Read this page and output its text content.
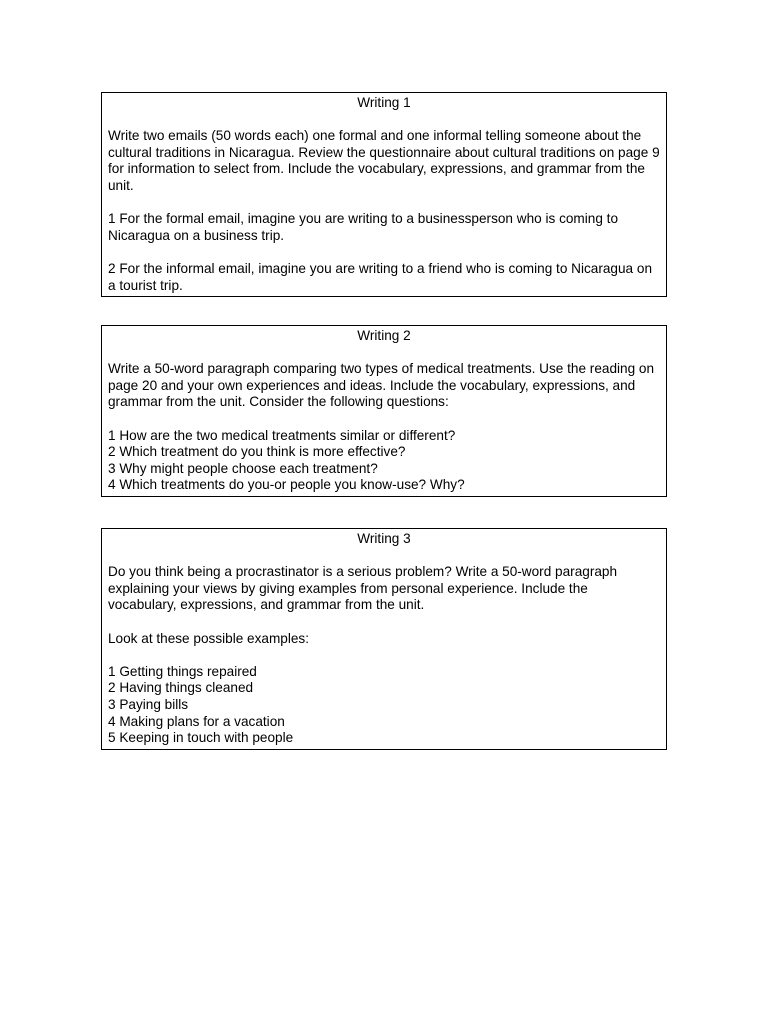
Writing 1

Write two emails (50 words each) one formal and one informal telling someone about the cultural traditions in Nicaragua. Review the questionnaire about cultural traditions on page 9 for information to select from. Include the vocabulary, expressions, and grammar from the unit.

1 For the formal email, imagine you are writing to a businessperson who is coming to Nicaragua on a business trip.

2 For the informal email, imagine you are writing to a friend who is coming to Nicaragua on a tourist trip.

Writing 2

Write a 50-word paragraph comparing two types of medical treatments. Use the reading on page 20 and your own experiences and ideas. Include the vocabulary, expressions, and grammar from the unit. Consider the following questions:

1 How are the two medical treatments similar or different?
2 Which treatment do you think is more effective?
3 Why might people choose each treatment?
4 Which treatments do you-or people you know-use? Why?
Writing 3

Do you think being a procrastinator is a serious problem? Write a 50-word paragraph explaining your views by giving examples from personal experience. Include the vocabulary, expressions, and grammar from the unit.

Look at these possible examples:

1 Getting things repaired
2 Having things cleaned
3 Paying bills
4 Making plans for a vacation
5 Keeping in touch with people
